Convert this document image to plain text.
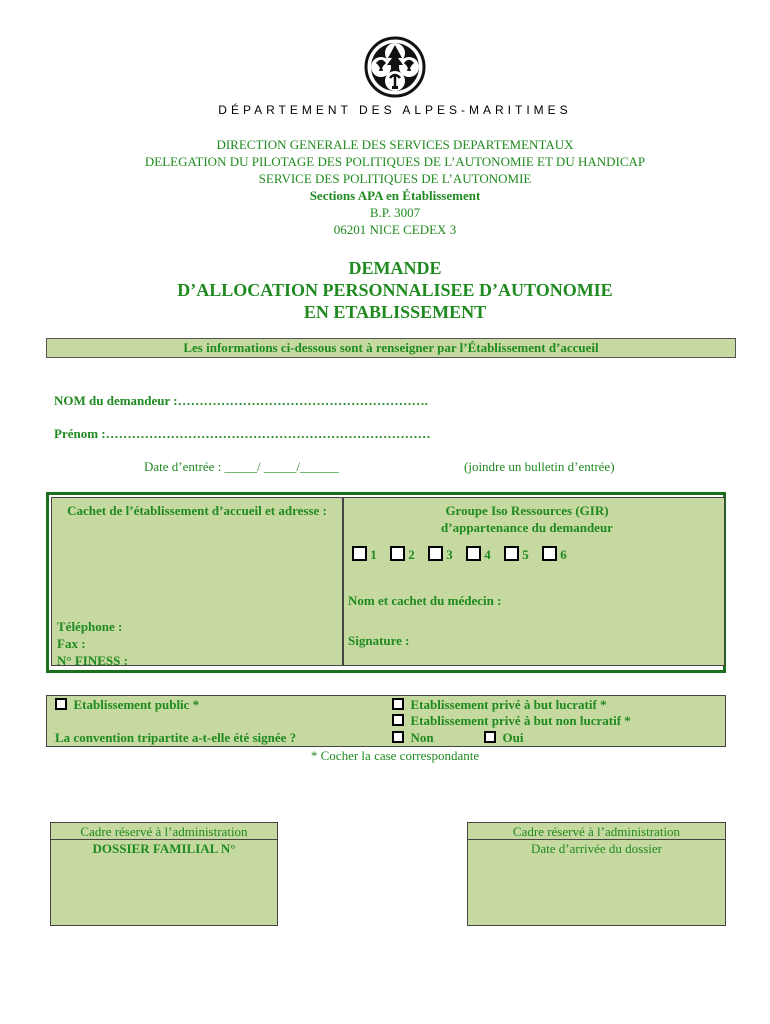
DÉPARTEMENT DES ALPES-MARITIMES
DIRECTION GENERALE DES SERVICES DEPARTEMENTAUX
DELEGATION DU PILOTAGE DES POLITIQUES DE L’AUTONOMIE ET DU HANDICAP
SERVICE DES POLITIQUES DE L’AUTONOMIE
Sections APA en Établissement
B.P. 3007
06201 NICE CEDEX 3
DEMANDE
D’ALLOCATION PERSONNALISEE D’AUTONOMIE
EN ETABLISSEMENT
Les informations ci-dessous sont à renseigner par l’Établissement d’accueil
NOM du demandeur :………………………………………………….
Prénom :…………………………………………………………………
Date d’entrée : _____/ _____/______	(joindre un bulletin d’entrée)
Cachet de l’établissement d’accueil et adresse :
Téléphone :
Fax :
N° FINESS :
Groupe Iso Ressources (GIR)
d’appartenance du demandeur
1 2 3 4 5 6
Nom et cachet du médecin :
Signature :
Etablissement public *	Etablissement privé à but lucratif *
Etablissement privé à but non lucratif *
La convention tripartite a-t-elle été signée ?	Non	Oui
* Cocher la case correspondante
Cadre réservé à l’administration
DOSSIER FAMILIAL N°
Cadre réservé à l’administration
Date d’arrivée du dossier
